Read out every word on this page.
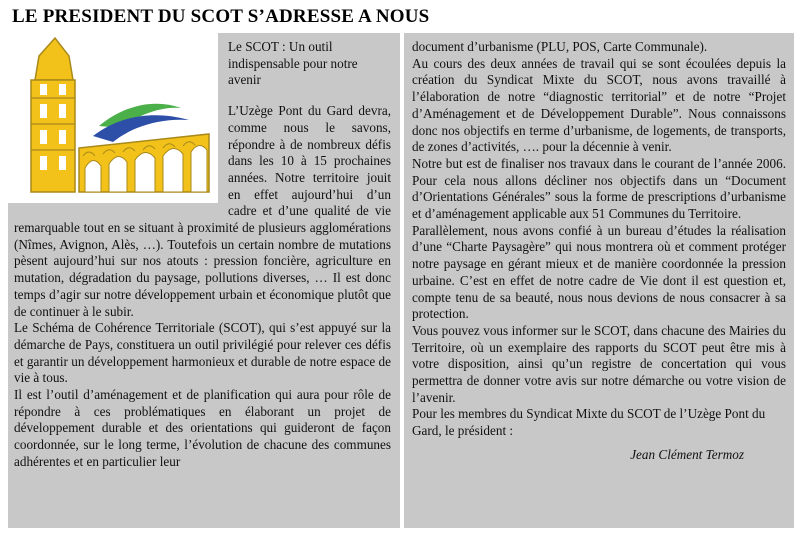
LE PRESIDENT DU SCOT S’ADRESSE A NOUS

Le SCOT : Un outil indispensable pour notre avenir

L’Uzège Pont du Gard devra, comme nous le savons, répondre à de nombreux défis dans les 10 à 15 prochaines années. Notre territoire jouit en effet aujourd’hui d’un cadre et d’une qualité de vie remarquable tout en se situant à proximité de plusieurs agglomérations (Nîmes, Avignon, Alès, …). Toutefois un certain nombre de mutations pèsent aujourd’hui sur nos atouts : pression foncière, agriculture en mutation, dégradation du paysage, pollutions diverses, … Il est donc temps d’agir sur notre développement urbain et économique plutôt que de continuer à le subir.

Le Schéma de Cohérence Territoriale (SCOT), qui s’est appuyé sur la démarche de Pays, constituera un outil privilégié pour relever ces défis et garantir un développement harmonieux et durable de notre espace de vie à tous.

Il est l’outil d’aménagement et de planification qui aura pour rôle de répondre à ces problématiques en élaborant un projet de développement durable et des orientations qui guideront de façon coordonnée, sur le long terme, l’évolution de chacune des communes adhérentes et en particulier leur

document d’urbanisme (PLU, POS, Carte Communale).

Au cours des deux années de travail qui se sont écoulées depuis la création du Syndicat Mixte du SCOT, nous avons travaillé à l’élaboration de notre “diagnostic territorial” et de notre “Projet d’Aménagement et de Développement Durable”. Nous connaissons donc nos objectifs en terme d’urbanisme, de logements, de transports, de zones d’activités, …. pour la décennie à venir.

Notre but est de finaliser nos travaux dans le courant de l’année 2006. Pour cela nous allons décliner nos objectifs dans un “Document d’Orientations Générales” sous la forme de prescriptions d’urbanisme et d’aménagement applicable aux 51 Communes du Territoire.

Parallèlement, nous avons confié à un bureau d’études la réalisation d’une “Charte Paysagère” qui nous montrera où et comment protéger notre paysage en gérant mieux et de manière coordonnée la pression urbaine. C’est en effet de notre cadre de Vie dont il est question et, compte tenu de sa beauté, nous nous devions de nous consacrer à sa protection.

Vous pouvez vous informer sur le SCOT, dans chacune des Mairies du Territoire, où un exemplaire des rapports du SCOT peut être mis à votre disposition, ainsi qu’un registre de concertation qui vous permettra de donner votre avis sur notre démarche ou votre vision de l’avenir.

Pour les membres du Syndicat Mixte du SCOT de l’Uzège Pont du Gard, le président :

Jean Clément Termoz
